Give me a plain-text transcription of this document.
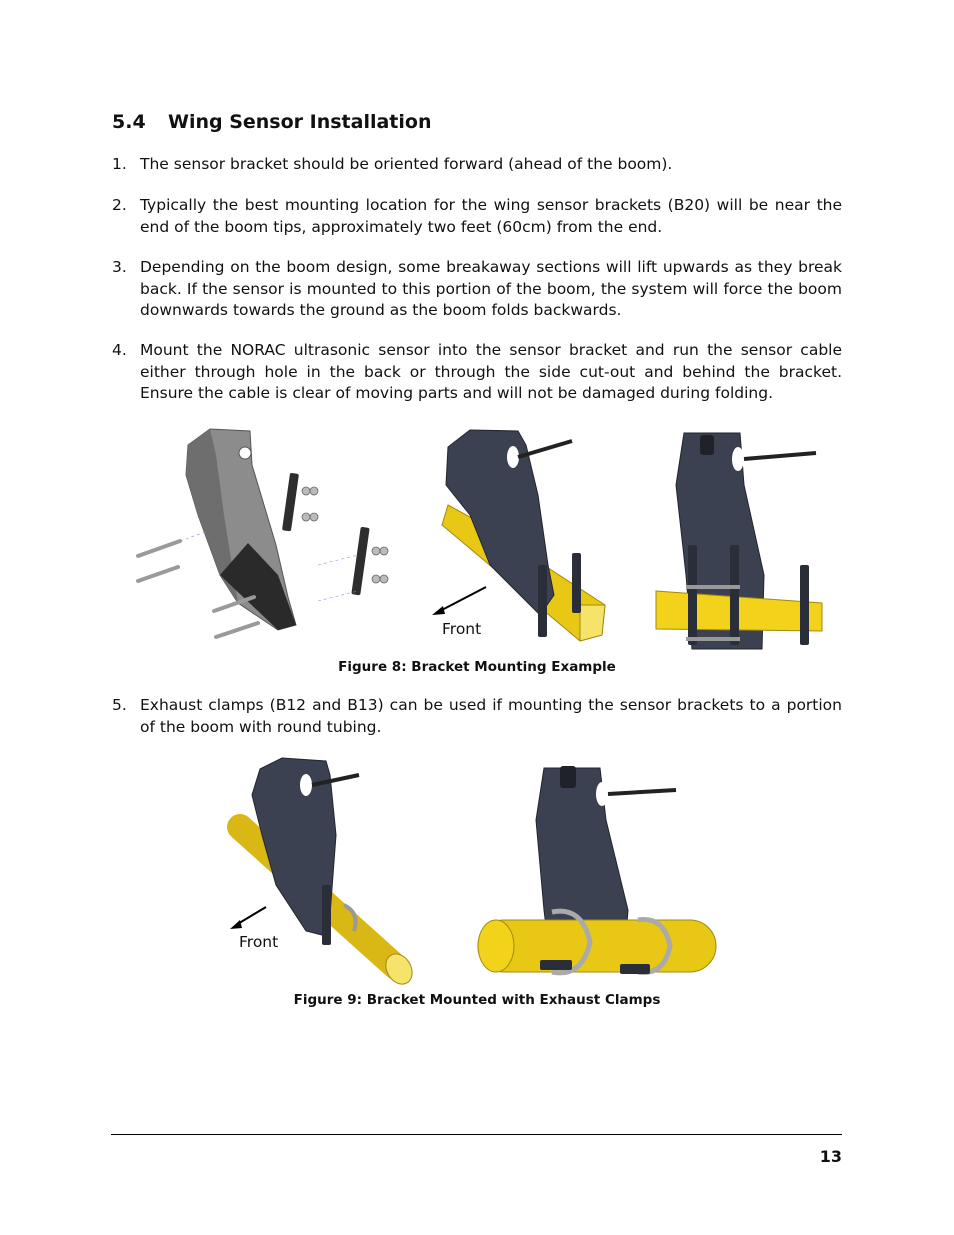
5.4 Wing Sensor Installation
1. The sensor bracket should be oriented forward (ahead of the boom).
2. Typically the best mounting location for the wing sensor brackets (B20) will be near the end of the boom tips, approximately two feet (60cm) from the end.
3. Depending on the boom design, some breakaway sections will lift upwards as they break back. If the sensor is mounted to this portion of the boom, the system will force the boom downwards towards the ground as the boom folds backwards.
4. Mount the NORAC ultrasonic sensor into the sensor bracket and run the sensor cable either through hole in the back or through the side cut-out and behind the bracket. Ensure the cable is clear of moving parts and will not be damaged during folding.
Front
Figure 8: Bracket Mounting Example
5. Exhaust clamps (B12 and B13) can be used if mounting the sensor brackets to a portion of the boom with round tubing.
Front
Figure 9: Bracket Mounted with Exhaust Clamps
13
